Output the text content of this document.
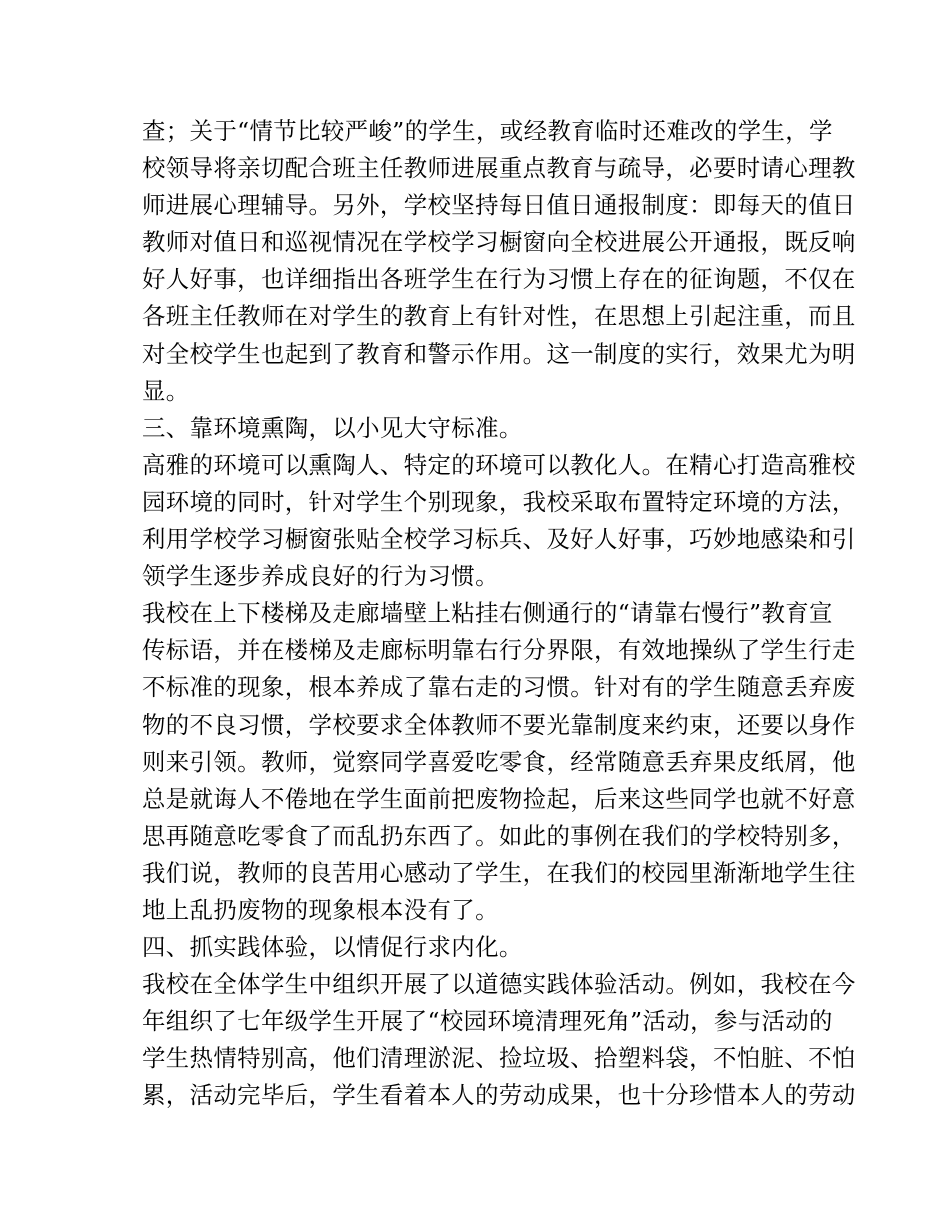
查；关于“情节比较严峻”的学生，或经教育临时还难改的学生，学
校领导将亲切配合班主任教师进展重点教育与疏导，必要时请心理教
师进展心理辅导。另外，学校坚持每日值日通报制度：即每天的值日
教师对值日和巡视情况在学校学习橱窗向全校进展公开通报，既反响
好人好事，也详细指出各班学生在行为习惯上存在的征询题，不仅在
各班主任教师在对学生的教育上有针对性，在思想上引起注重，而且
对全校学生也起到了教育和警示作用。这一制度的实行，效果尤为明
显。
三、靠环境熏陶，以小见大守标准。
高雅的环境可以熏陶人、特定的环境可以教化人。在精心打造高雅校
园环境的同时，针对学生个别现象，我校采取布置特定环境的方法，
利用学校学习橱窗张贴全校学习标兵、及好人好事，巧妙地感染和引
领学生逐步养成良好的行为习惯。
我校在上下楼梯及走廊墙壁上粘挂右侧通行的“请靠右慢行”教育宣
传标语，并在楼梯及走廊标明靠右行分界限，有效地操纵了学生行走
不标准的现象，根本养成了靠右走的习惯。针对有的学生随意丢弃废
物的不良习惯，学校要求全体教师不要光靠制度来约束，还要以身作
则来引领。教师，觉察同学喜爱吃零食，经常随意丢弃果皮纸屑，他
总是就诲人不倦地在学生面前把废物捡起，后来这些同学也就不好意
思再随意吃零食了而乱扔东西了。如此的事例在我们的学校特别多，
我们说，教师的良苦用心感动了学生，在我们的校园里渐渐地学生往
地上乱扔废物的现象根本没有了。
四、抓实践体验，以情促行求内化。
我校在全体学生中组织开展了以道德实践体验活动。例如，我校在今
年组织了七年级学生开展了“校园环境清理死角”活动，参与活动的
学生热情特别高，他们清理淤泥、捡垃圾、拾塑料袋，不怕脏、不怕
累，活动完毕后，学生看着本人的劳动成果，也十分珍惜本人的劳动
